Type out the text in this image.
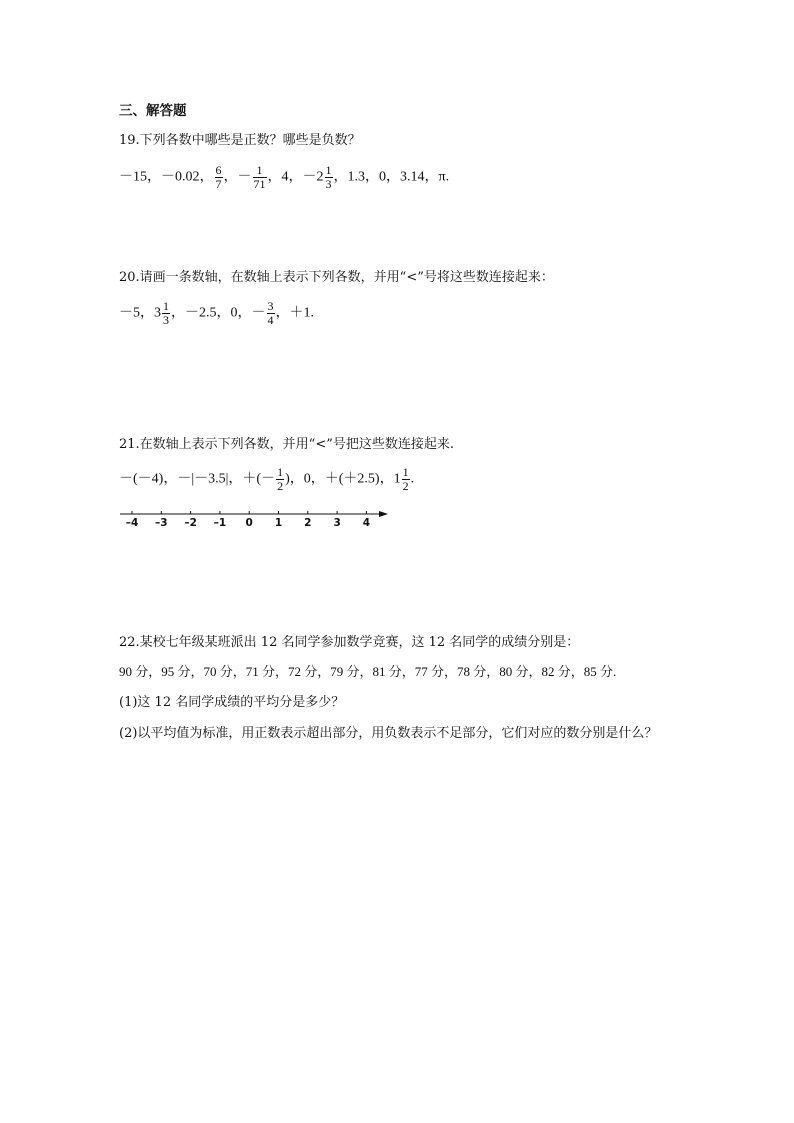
三、解答题
19.下列各数中哪些是正数？哪些是负数？
－15，－0.02， $\frac{6}{7}$ ，－ $\frac{1}{71}$ ，4，$-2 \frac{1}{3}$ ，1.3，0，3.14，π.
20.请画一条数轴，在数轴上表示下列各数，并用“<”号将这些数连接起来：
－5，$3 \frac{1}{3}$ ，－2.5，0，－ $\frac{3}{4}$ ，＋1.
21.在数轴上表示下列各数，并用“<”号把这些数连接起来.
－(－4)，－|－3.5|，＋(－ $\frac{1}{2}$ )，0，＋(＋2.5)，$1 \frac{1}{2}$ .
–4 –3 –2 –1 0 1 2 3 4
22.某校七年级某班派出 12 名同学参加数学竞赛，这 12 名同学的成绩分别是：
90 分，95 分，70 分，71 分，72 分，79 分，81 分，77 分，78 分，80 分，82 分，85 分.
(1)这 12 名同学成绩的平均分是多少？
(2)以平均值为标准，用正数表示超出部分，用负数表示不足部分，它们对应的数分别是什么？
